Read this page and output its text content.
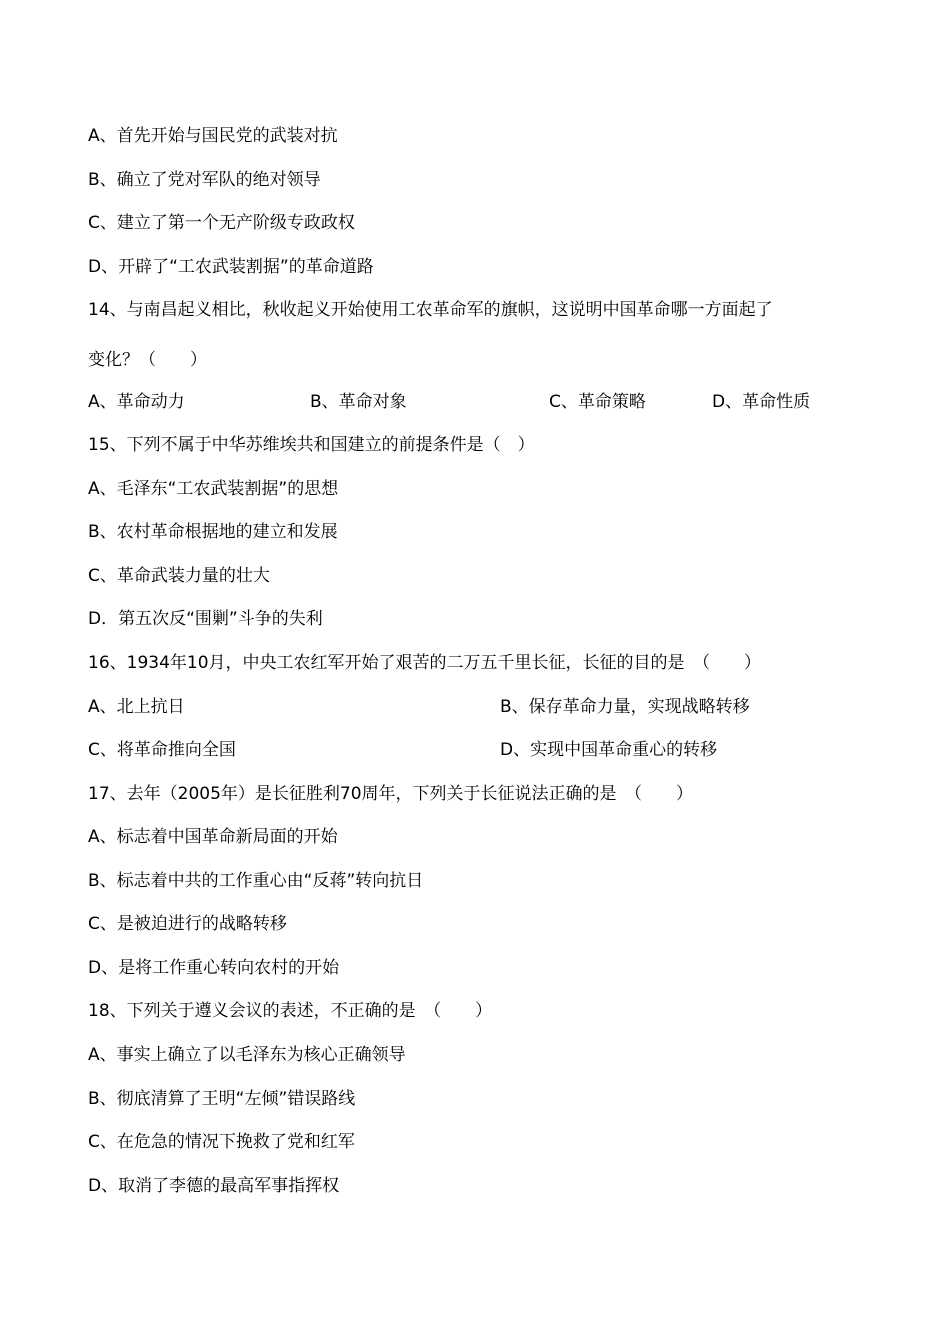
A、首先开始与国民党的武装对抗
B、确立了党对军队的绝对领导
C、建立了第一个无产阶级专政政权
D、开辟了“工农武装割据”的革命道路
14、与南昌起义相比，秋收起义开始使用工农革命军的旗帜，这说明中国革命哪一方面起了
变化？（　　）
A、革命动力	B、革命对象	C、革命策略	D、革命性质
15、下列不属于中华苏维埃共和国建立的前提条件是（　）
A、毛泽东“工农武装割据”的思想
B、农村革命根据地的建立和发展
C、革命武装力量的壮大
D．第五次反“围剿”斗争的失利
16、1934年10月，中央工农红军开始了艰苦的二万五千里长征，长征的目的是　（　　）
A、北上抗日	B、保存革命力量，实现战略转移
C、将革命推向全国	D、实现中国革命重心的转移
17、去年（2005年）是长征胜利70周年，下列关于长征说法正确的是　（　　）
A、标志着中国革命新局面的开始
B、标志着中共的工作重心由“反蒋”转向抗日
C、是被迫进行的战略转移
D、是将工作重心转向农村的开始
18、下列关于遵义会议的表述，不正确的是　（　　）
A、事实上确立了以毛泽东为核心正确领导
B、彻底清算了王明“左倾”错误路线
C、在危急的情况下挽救了党和红军
D、取消了李德的最高军事指挥权
